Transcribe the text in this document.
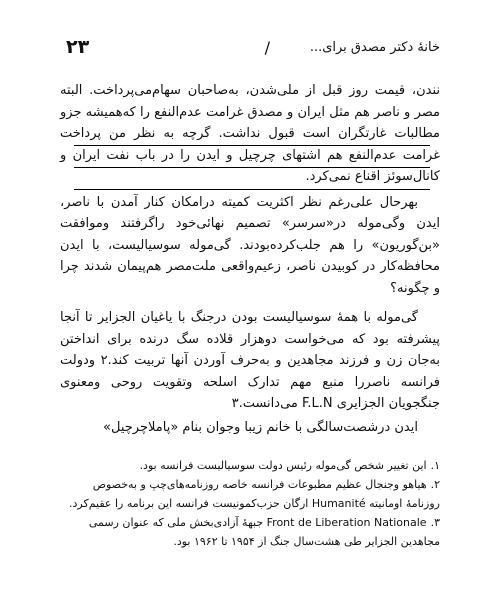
خانهٔ دکتر مصدق برای...
/
۲۳

نندن، قیمت روز قبل از ملی‌شدن، به‌صاحبان سهام‌می‌پرداخت. البته مصر و ناصر هم مثل ایران و مصدق غرامت عدم‌النفع را که‌همیشه جزو مطالبات غارتگران است قبول نداشت. گرچه به نظر من پرداخت غرامت عدم‌النفع هم اشتهای چرچیل و ایدن را در باب نفت ایران و کانال‌سوئز اقناع نمی‌کرد.

بهرحال علی‌رغم نظر اکثریت کمیته درامکان کنار آمدن با ناصر، ایدن وگی‌موله در«سرسر» تصمیم نهائی‌خود راگرفتند وموافقت «بن‌گوریون» را هم جلب‌کرده‌بودند. گی‌موله سوسیالیست، با ایدن محافظه‌کار در کوبیدن ناصر، زعیم‌واقعی ملت‌مصر هم‌پیمان شدند چرا و چگونه؟

گی‌موله با همهٔ سوسیالیست بودن درجنگ با یاغیان الجزایر تا آنجا پیشرفته بود که می‌خواست دوهزار قلاده سگ درنده برای انداختن به‌جان زن و فرزند مجاهدین و به‌حرف آوردن آنها تربیت کند.۲ ودولت فرانسه ناصررا منبع مهم تدارک اسلحه وتقویت روحی ومعنوی جنگجویان الجزایری F.L.N می‌دانست.۳

ایدن درشصت‌سالگی با خانم زیبا وجوان بنام «پاملاچرچیل»

۱.این تغییر شخص گی‌موله رئیس دولت سوسیالیست فرانسه بود.

۲.هیاهو وجنجال عظیم مطبوعات فرانسه خاصه روزنامه‌های‌چپ و به‌خصوص روزنامهٔ اومانیته Humanité ارگان حزب‌کمونیست فرانسه این برنامه را عقیم‌کرد.

۳.Front de Liberation Nationale جبههٔ آزادی‌بخش ملی که عنوان رسمی مجاهدین الجزایر طی هشت‌سال جنگ از ۱۹۵۴ تا ۱۹۶۲ بود.
